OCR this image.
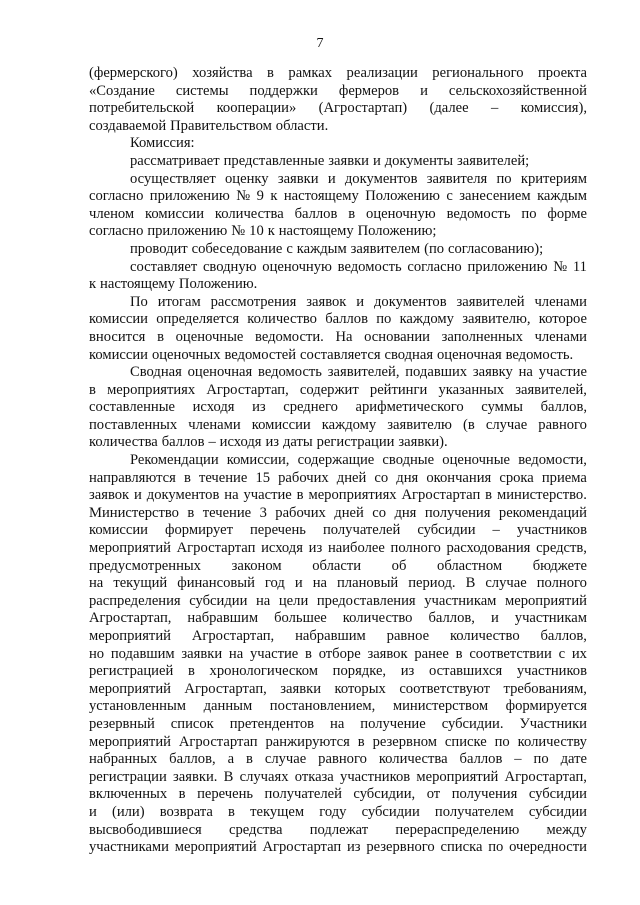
7
(фермерского) хозяйства в рамках реализации регионального проекта
«Создание системы поддержки фермеров и сельскохозяйственной
потребительской кооперации» (Агростартап) (далее – комиссия),
создаваемой Правительством области.
Комиссия:
рассматривает представленные заявки и документы заявителей;
осуществляет оценку заявки и документов заявителя по критериям
согласно приложению № 9 к настоящему Положению с занесением каждым
членом комиссии количества баллов в оценочную ведомость по форме
согласно приложению № 10 к настоящему Положению;
проводит собеседование с каждым заявителем (по согласованию);
составляет сводную оценочную ведомость согласно приложению № 11
к настоящему Положению.
По итогам рассмотрения заявок и документов заявителей членами
комиссии определяется количество баллов по каждому заявителю, которое
вносится в оценочные ведомости. На основании заполненных членами
комиссии оценочных ведомостей составляется сводная оценочная ведомость.
Сводная оценочная ведомость заявителей, подавших заявку на участие
в мероприятиях Агростартап, содержит рейтинги указанных заявителей,
составленные исходя из среднего арифметического суммы баллов,
поставленных членами комиссии каждому заявителю (в случае равного
количества баллов – исходя из даты регистрации заявки).
Рекомендации комиссии, содержащие сводные оценочные ведомости,
направляются в течение 15 рабочих дней со дня окончания срока приема
заявок и документов на участие в мероприятиях Агростартап в министерство.
Министерство в течение 3 рабочих дней со дня получения рекомендаций
комиссии формирует перечень получателей субсидии – участников
мероприятий Агростартап исходя из наиболее полного расходования средств,
предусмотренных законом области об областном бюджете
на текущий финансовый год и на плановый период. В случае полного
распределения субсидии на цели предоставления участникам мероприятий
Агростартап, набравшим большее количество баллов, и участникам
мероприятий Агростартап, набравшим равное количество баллов,
но подавшим заявки на участие в отборе заявок ранее в соответствии с их
регистрацией в хронологическом порядке, из оставшихся участников
мероприятий Агростартап, заявки которых соответствуют требованиям,
установленным данным постановлением, министерством формируется
резервный список претендентов на получение субсидии. Участники
мероприятий Агростартап ранжируются в резервном списке по количеству
набранных баллов, а в случае равного количества баллов – по дате
регистрации заявки. В случаях отказа участников мероприятий Агростартап,
включенных в перечень получателей субсидии, от получения субсидии
и (или) возврата в текущем году субсидии получателем субсидии
высвободившиеся средства подлежат перераспределению между
участниками мероприятий Агростартап из резервного списка по очередности
